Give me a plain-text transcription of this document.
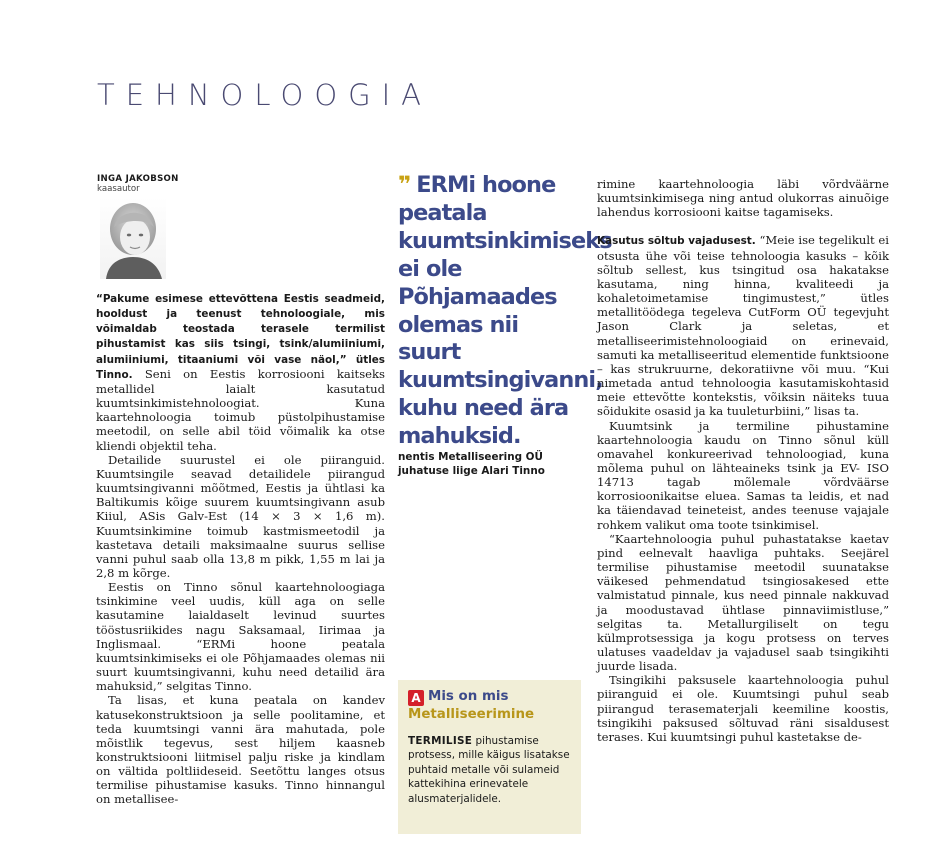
TEHNOLOOGIA
INGA JAKOBSON
kaasautor

“Pakume esimese ettevõttena Eestis seadmeid, hooldust ja teenust tehnoloogiale, mis võimaldab teostada terasele termilist pihustamist kas siis tsingi, tsink/alumiiniumi, alumiiniumi, titaaniumi või vase näol,” ütles Tinno. Seni on Eestis korrosiooni kaitseks metallidel laialt kasutatud kuumtsinkimistehnoloogiat. Kuna kaartehnoloogia toimub püstolpihustamise meetodil, on selle abil töid võimalik ka otse kliendi objektil teha.

Detailide suurustel ei ole piiranguid. Kuumtsingile seavad detailidele piirangud kuumtsingivanni mõõtmed, Eestis ja ühtlasi ka Baltikumis kõige suurem kuumtsingivann asub Kiiul, ASis Galv-Est (14 × 3 × 1,6 m). Kuumtsinkimine toimub kastmismeetodil ja kastetava detaili maksimaalne suurus sellise vanni puhul saab olla 13,8 m pikk, 1,55 m lai ja 2,8 m kõrge.

Eestis on Tinno sõnul kaartehnoloogiaga tsinkimine veel uudis, küll aga on selle kasutamine laialdaselt levinud suurtes tööstusriikides nagu Saksamaal, Iirimaa ja Inglismaal. “ERMi hoone peatala kuumtsinkimiseks ei ole Põhjamaades olemas nii suurt kuumtsingivanni, kuhu need detailid ära mahuksid,” selgitas Tinno.

Ta lisas, et kuna peatala on kandev katusekonstruktsioon ja selle poolitamine, et teda kuumtsingi vanni ära mahutada, pole mõistlik tegevus, sest hiljem kaasneb konstruktsiooni liitmisel palju riske ja kindlam on vältida poltliideseid. Seetõttu langes otsus termilise pihustamise kasuks. Tinno hinnangul on metallisee-

❞ ERMi hoone peatala kuumtsinkimiseks ei ole Põhjamaades olemas nii suurt kuumtsingivanni, kuhu need ära mahuksid.
nentis Metalliseering OÜ juhatuse liige Alari Tinno
A Mis on mis
Metalliseerimine
TERMILISE pihustamise protsess, mille käigus lisatakse puhtaid metalle või sulameid kattekihina erinevatele alusmaterjalidele.

rimine kaartehnoloogia läbi võrdväärne kuumtsinkimisega ning antud olukorras ainuõige lahendus korrosiooni kaitse tagamiseks.

Kasutus sõltub vajadusest. “Meie ise tegelikult ei otsusta ühe või teise tehnoloogia kasuks – kõik sõltub sellest, kus tsingitud osa hakatakse kasutama, ning hinna, kvaliteedi ja kohaletoimetamise tingimustest,” ütles metallitöödega tegeleva CutForm OÜ tegevjuht Jason Clark ja seletas, et metalliseerimistehnoloogiaid on erinevaid, samuti ka metalliseeritud elementide funktsioone – kas strukruurne, dekoratiivne või muu. “Kui nimetada antud tehnoloogia kasutamiskohtasid meie ettevõtte kontekstis, võiksin näiteks tuua sõidukite osasid ja ka tuuleturbiini,” lisas ta.

Kuumtsink ja termiline pihustamine kaartehnoloogia kaudu on Tinno sõnul küll omavahel konkureerivad tehnoloogiad, kuna mõlema puhul on lähteaineks tsink ja EV- ISO 14713 tagab mõlemale võrdväärse korrosioonikaitse eluea. Samas ta leidis, et nad ka täiendavad teineteist, andes teenuse vajajale rohkem valikut oma toote tsinkimisel.

“Kaartehnoloogia puhul puhastatakse kaetav pind eelnevalt haavliga puhtaks. Seejärel termilise pihustamise meetodil suunatakse väikesed pehmendatud tsingiosakesed ette valmistatud pinnale, kus need pinnale nakkuvad ja moodustavad ühtlase pinnaviimistluse,” selgitas ta. Metallurgiliselt on tegu külmprotsessiga ja kogu protsess on terves ulatuses vaadeldav ja vajadusel saab tsingikihti juurde lisada.

Tsingikihi paksusele kaartehnoloogia puhul piiranguid ei ole. Kuumtsingi puhul seab piirangud terasematerjali keemiline koostis, tsingikihi paksused sõltuvad räni sisaldusest terases. Kui kuumtsingi puhul kastetakse de-
